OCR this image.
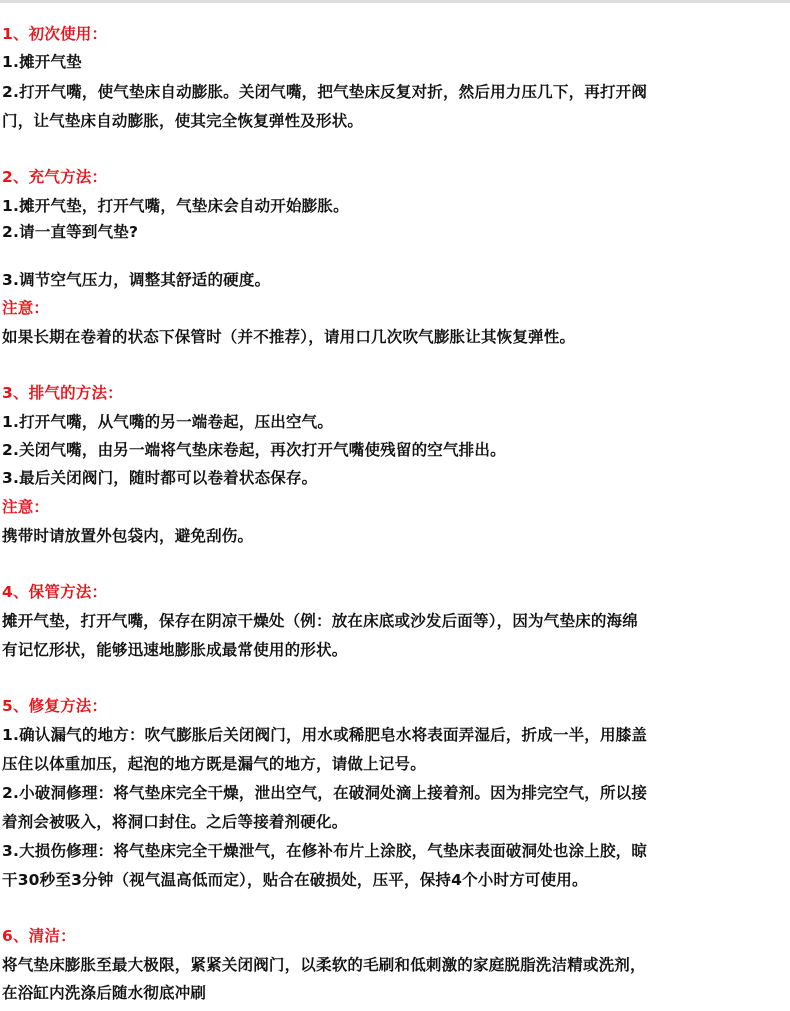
1、初次使用：
1.摊开气垫
2.打开气嘴，使气垫床自动膨胀。关闭气嘴，把气垫床反复对折，然后用力压几下，再打开阀
门，让气垫床自动膨胀，使其完全恢复弹性及形状。
2、充气方法：
1.摊开气垫，打开气嘴，气垫床会自动开始膨胀。
2.请一直等到气垫?
3.调节空气压力，调整其舒适的硬度。
注意：
如果长期在卷着的状态下保管时（并不推荐），请用口几次吹气膨胀让其恢复弹性。
3、排气的方法：
1.打开气嘴，从气嘴的另一端卷起，压出空气。
2.关闭气嘴，由另一端将气垫床卷起，再次打开气嘴使残留的空气排出。
3.最后关闭阀门，随时都可以卷着状态保存。
注意：
携带时请放置外包袋内，避免刮伤。
4、保管方法：
摊开气垫，打开气嘴，保存在阴凉干燥处（例：放在床底或沙发后面等），因为气垫床的海绵
有记忆形状，能够迅速地膨胀成最常使用的形状。
5、修复方法：
1.确认漏气的地方：吹气膨胀后关闭阀门，用水或稀肥皂水将表面弄湿后，折成一半，用膝盖
压住以体重加压，起泡的地方既是漏气的地方，请做上记号。
2.小破洞修理：将气垫床完全干燥，泄出空气，在破洞处滴上接着剂。因为排完空气，所以接
着剂会被吸入，将洞口封住。之后等接着剂硬化。
3.大损伤修理：将气垫床完全干燥泄气，在修补布片上涂胶，气垫床表面破洞处也涂上胶，晾
干30秒至3分钟（视气温高低而定），贴合在破损处，压平，保持4个小时方可使用。
6、清洁：
将气垫床膨胀至最大极限，紧紧关闭阀门，以柔软的毛刷和低刺激的家庭脱脂洗洁精或洗剂，
在浴缸内洗涤后随水彻底冲刷
